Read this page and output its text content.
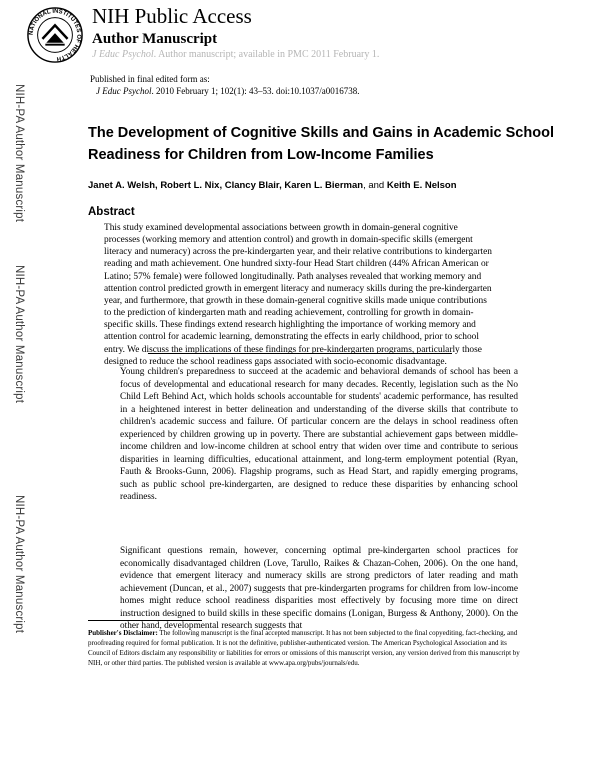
NATIONAL INSTITUTES OF HEALTH
NIH Public Access
Author Manuscript
J Educ Psychol. Author manuscript; available in PMC 2011 February 1.
Published in final edited form as:
J Educ Psychol. 2010 February 1; 102(1): 43–53. doi:10.1037/a0016738.
NIH-PA Author Manuscript
NIH-PA Author Manuscript
NIH-PA Author Manuscript
The Development of Cognitive Skills and Gains in Academic School Readiness for Children from Low-Income Families
Janet A. Welsh, Robert L. Nix, Clancy Blair, Karen L. Bierman, and Keith E. Nelson
Abstract

This study examined developmental associations between growth in domain-general cognitive processes (working memory and attention control) and growth in domain-specific skills (emergent literacy and numeracy) across the pre-kindergarten year, and their relative contributions to kindergarten reading and math achievement. One hundred sixty-four Head Start children (44% African American or Latino; 57% female) were followed longitudinally. Path analyses revealed that working memory and attention control predicted growth in emergent literacy and numeracy skills during the pre-kindergarten year, and furthermore, that growth in these domain-general cognitive skills made unique contributions to the prediction of kindergarten math and reading achievement, controlling for growth in domain-specific skills. These findings extend research highlighting the importance of working memory and attention control for academic learning, demonstrating the effects in early childhood, prior to school entry. We discuss the implications of these findings for pre-kindergarten programs, particularly those designed to reduce the school readiness gaps associated with socio-economic disadvantage.

Young children's preparedness to succeed at the academic and behavioral demands of school has been a focus of developmental and educational research for many decades. Recently, legislation such as the No Child Left Behind Act, which holds schools accountable for students' academic performance, has resulted in a heightened interest in better delineation and understanding of the diverse skills that contribute to children's academic success and failure. Of particular concern are the delays in school readiness often experienced by children growing up in poverty. There are substantial achievement gaps between middle-income children and low-income children at school entry that widen over time and contribute to serious disparities in learning difficulties, educational attainment, and long-term employment potential (Ryan, Fauth & Brooks-Gunn, 2006). Flagship programs, such as Head Start, and rapidly emerging programs, such as public school pre-kindergarten, are designed to reduce these disparities by enhancing school readiness.

Significant questions remain, however, concerning optimal pre-kindergarten school practices for economically disadvantaged children (Love, Tarullo, Raikes & Chazan-Cohen, 2006). On the one hand, evidence that emergent literacy and numeracy skills are strong predictors of later reading and math achievement (Duncan, et al., 2007) suggests that pre-kindergarten programs for children from low-income homes might reduce school readiness disparities most effectively by focusing more time on direct instruction designed to build skills in these specific domains (Lonigan, Burgess & Anthony, 2000). On the other hand, developmental research suggests that

Publisher's Disclaimer: The following manuscript is the final accepted manuscript. It has not been subjected to the final copyediting, fact-checking, and proofreading required for formal publication. It is not the definitive, publisher-authenticated version. The American Psychological Association and its Council of Editors disclaim any responsibility or liabilities for errors or omissions of this manuscript version, any version derived from this manuscript by NIH, or other third parties. The published version is available at www.apa.org/pubs/journals/edu.
